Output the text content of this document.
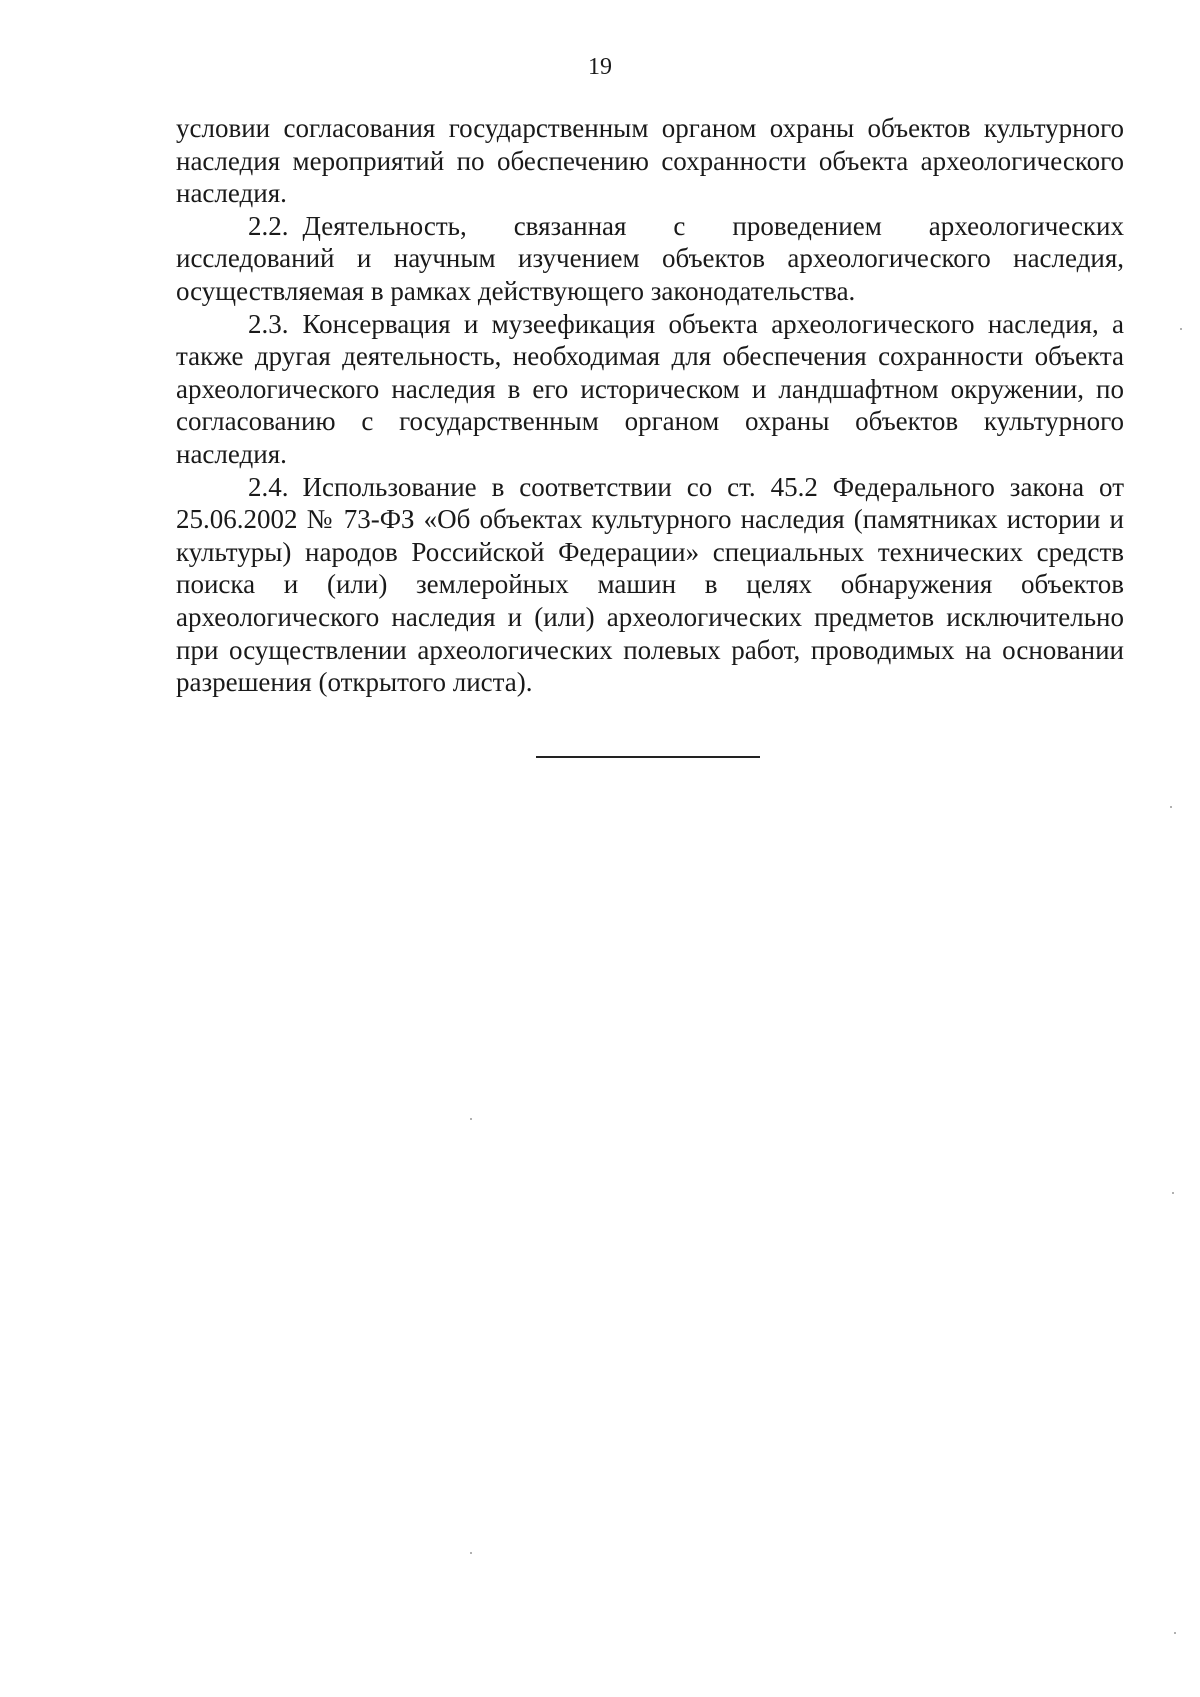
19

условии согласования государственным органом охраны объектов культурного наследия мероприятий по обеспечению сохранности объекта археологического наследия.

2.2. Деятельность, связанная с проведением археологических исследований и научным изучением объектов археологического наследия, осуществляемая в рамках действующего законодательства.

2.3. Консервация и музеефикация объекта археологического наследия, а также другая деятельность, необходимая для обеспечения сохранности объекта археологического наследия в его историческом и ландшафтном окружении, по согласованию с государственным органом охраны объектов культурного наследия.

2.4. Использование в соответствии со ст. 45.2 Федерального закона от 25.06.2002 № 73-ФЗ «Об объектах культурного наследия (памятниках истории и культуры) народов Российской Федерации» специальных технических средств поиска и (или) землеройных машин в целях обнаружения объектов археологического наследия и (или) археологических предметов исключительно при осуществлении археологических полевых работ, проводимых на основании разрешения (открытого листа).
